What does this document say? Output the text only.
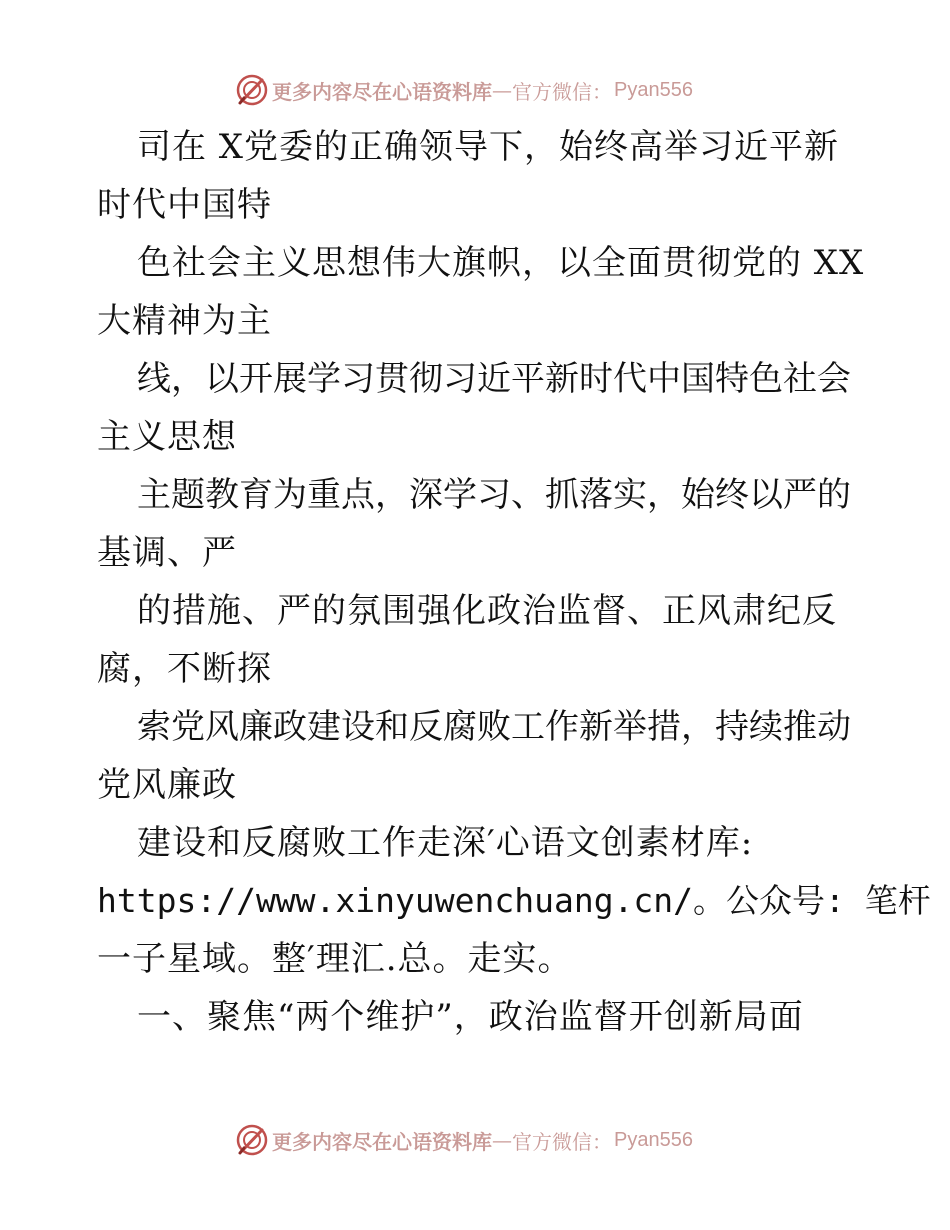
更多内容尽在心语资料库 — 官方微信： Pyan556
司在 X党委的正确领导下，始终高举习近平新
时代中国特
色社会主义思想伟大旗帜，以全面贯彻党的 XX
大精神为主
线，以开展学习贯彻习近平新时代中国特色社会
主义思想
主题教育为重点，深学习、抓落实，始终以严的
基调、严
的措施、严的氛围强化政治监督、正风肃纪反
腐，不断探
索党风廉政建设和反腐败工作新举措，持续推动
党风廉政
建设和反腐败工作走深′心语文创素材库:
https://www.xinyuwenchuang.cn/。公众号: 笔杆
一子星域。整′理汇.总。走实。
一、聚焦“两个维护”，政治监督开创新局面
更多内容尽在心语资料库 — 官方微信： Pyan556
